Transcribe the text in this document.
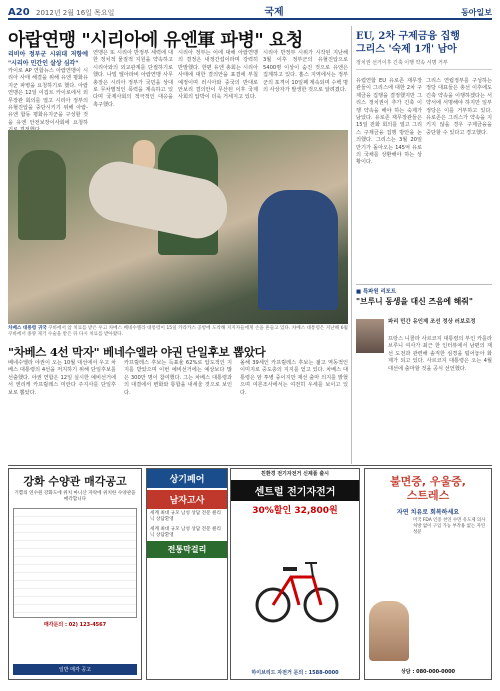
A20 2012년 2월 16일 목요일	국제	동아일보
아랍연맹 "시리아에 유엔軍 파병" 요청
리비아 정부군 시위대 저항에 "시리아 민간인 살상 심각"
카이로 AP 연합뉴스 아랍연맹이 시리아 사태 해결을 위해 유엔 평화유지군 파병을 요청하기로 했다. 아랍연맹은 12일 이집트 카이로에서 외무장관 회의를 열고 시리아 정부의 유혈진압을 중단시키기 위해 아랍-유엔 합동 평화유지군을 구성할 것을 유엔 안전보장이사회에 요청하
연맹은 또 시리아 반정부 세력에 대한 정치적 물질적 지원을 약속하고 시리아와의 외교관계를 단절하기로 했다. 나빌 엘아라비 아랍연맹 사무총장은 시리아 정부가 국민을 상대로 무차별적인 폭력을 계속하고 있다며 국제사회의 적극적인 대응을 촉구했다.
시리아 정부는 이에 대해 아랍연맹의 결정은 내정간섭이라며 강력히 반발했다. 한편 유엔 총회는 시리아 사태에 대한 결의안을 표결에 부칠 예정이며 러시아와 중국의 반대로 안보리 결의안이 무산된 이후 국제사회의 압박이 더욱 거세지고 있다.
시리아 반정부 시위가 시작된 지난해 3월 이후 정부군의 유혈진압으로 5400명 이상이 숨진 것으로 유엔은 집계하고 있다. 홈스 지역에서는 정부군의 포격이 10일째 계속되며 수백 명의 사상자가 발생한 것으로 알려졌다.
차베스 대통령 귀국 쿠바에서 암 치료를 받은 우고 차베스 베네수엘라 대통령이 15일 카라카스 공항에 도착해 지지자들에게 손을 흔들고 있다. 차베스 대통령은 지난해 6월 쿠바에서 종양 제거 수술을 받은 뒤 다시 치료를 받아왔다.
"차베스 4선 막자" 베네수엘라 야권 단일후보 뽑았다
베네수엘라 야권이 오는 10월 대선에서 우고 차베스 대통령의 4선을 저지하기 위해 단일후보를 선출했다. 야권 연합은 12일 실시한 예비선거에서 엔리케 카프릴레스 미란다 주지사를 단일후보로 뽑았다.
카프릴레스 후보는 득표율 62%로 압도적인 지지를 받았으며 이번 예비선거에는 예상보다 많은 300만 명이 참여했다. 그는 차베스 대통령과의 대결에서 변화와 통합을 내세울 것으로 보인다.
올해 39세인 카프릴레스 후보는 젊고 역동적인 이미지로 중도층의 지지를 얻고 있다. 차베스 대통령은 암 투병 중이지만 재선 출마 의지를 밝혔으며 여론조사에서는 여전히 우세를 보이고 있다.
EU, 2차 구제금융 집행
그리스 '숙제 1개' 남아
정치권 선거이후 긴축 이행 약속 서명 거부
유럽연합 EU 유로존 재무장관들이 그리스에 대한 2차 구제금융 집행을 결정했지만 그리스 정치권이 추가 긴축 이행 약속을 해야 하는 숙제가 남았다. 유로존 재무장관들은 15일 전화 회의를 열고 그리스 구제금융 집행 방안을 논의했다. 그리스는 3월 20일 만기가 돌아오는 145억 유로의 국채를 상환해야 하는 상황이다.
그리스 연립정부를 구성하는 정당 대표들은 총선 이후에도 긴축 약속을 이행하겠다는 서약서에 서명해야 하지만 일부 정당은 이를 거부하고 있다. 유로존은 그리스가 약속을 지키지 않을 경우 구제금융을 중단할 수 있다고 경고했다.
■ 특파원 리포트
"브루니 동생을 대신 즈음에 해줘"
파리 민간 유인제 조선 정상 러보로정
프랑스 니콜라 사르코지 대통령의 부인 카를라 브루니 여사가 최근 한 인터뷰에서 남편의 재선 도전과 관련해 솔직한 심경을 털어놓아 화제가 되고 있다. 사르코지 대통령은 오는 4월 대선에 출마할 것을 공식 선언했다.
강화 수양관 매각공고
기쁨의 연수원 강화도에 위치 마니산 자락에 위치한 수양관을 매각합니다
매각문의 : 02) 123-4567
일반 매각 공고
상기페어
남자고사
세계 최대 규모 남성 상담 전문 클리닉 상담환영
세계 최대 규모 남성 상담 전문 클리닉 상담환영
전통막걸리
친환경 전기자전거 신제품 출시
센트럴 전기자전거
30%할인 32,800원
하이브리드 자전거 문의 : 1588-0000
불면증, 우울증,
스트레스
자연 치유로 회복하세요
미국 FDA 인증 천연 수면 유도제 의사 처방 없이 구입 가능 부작용 없는 자연 성분
상담 : 080-000-0000
